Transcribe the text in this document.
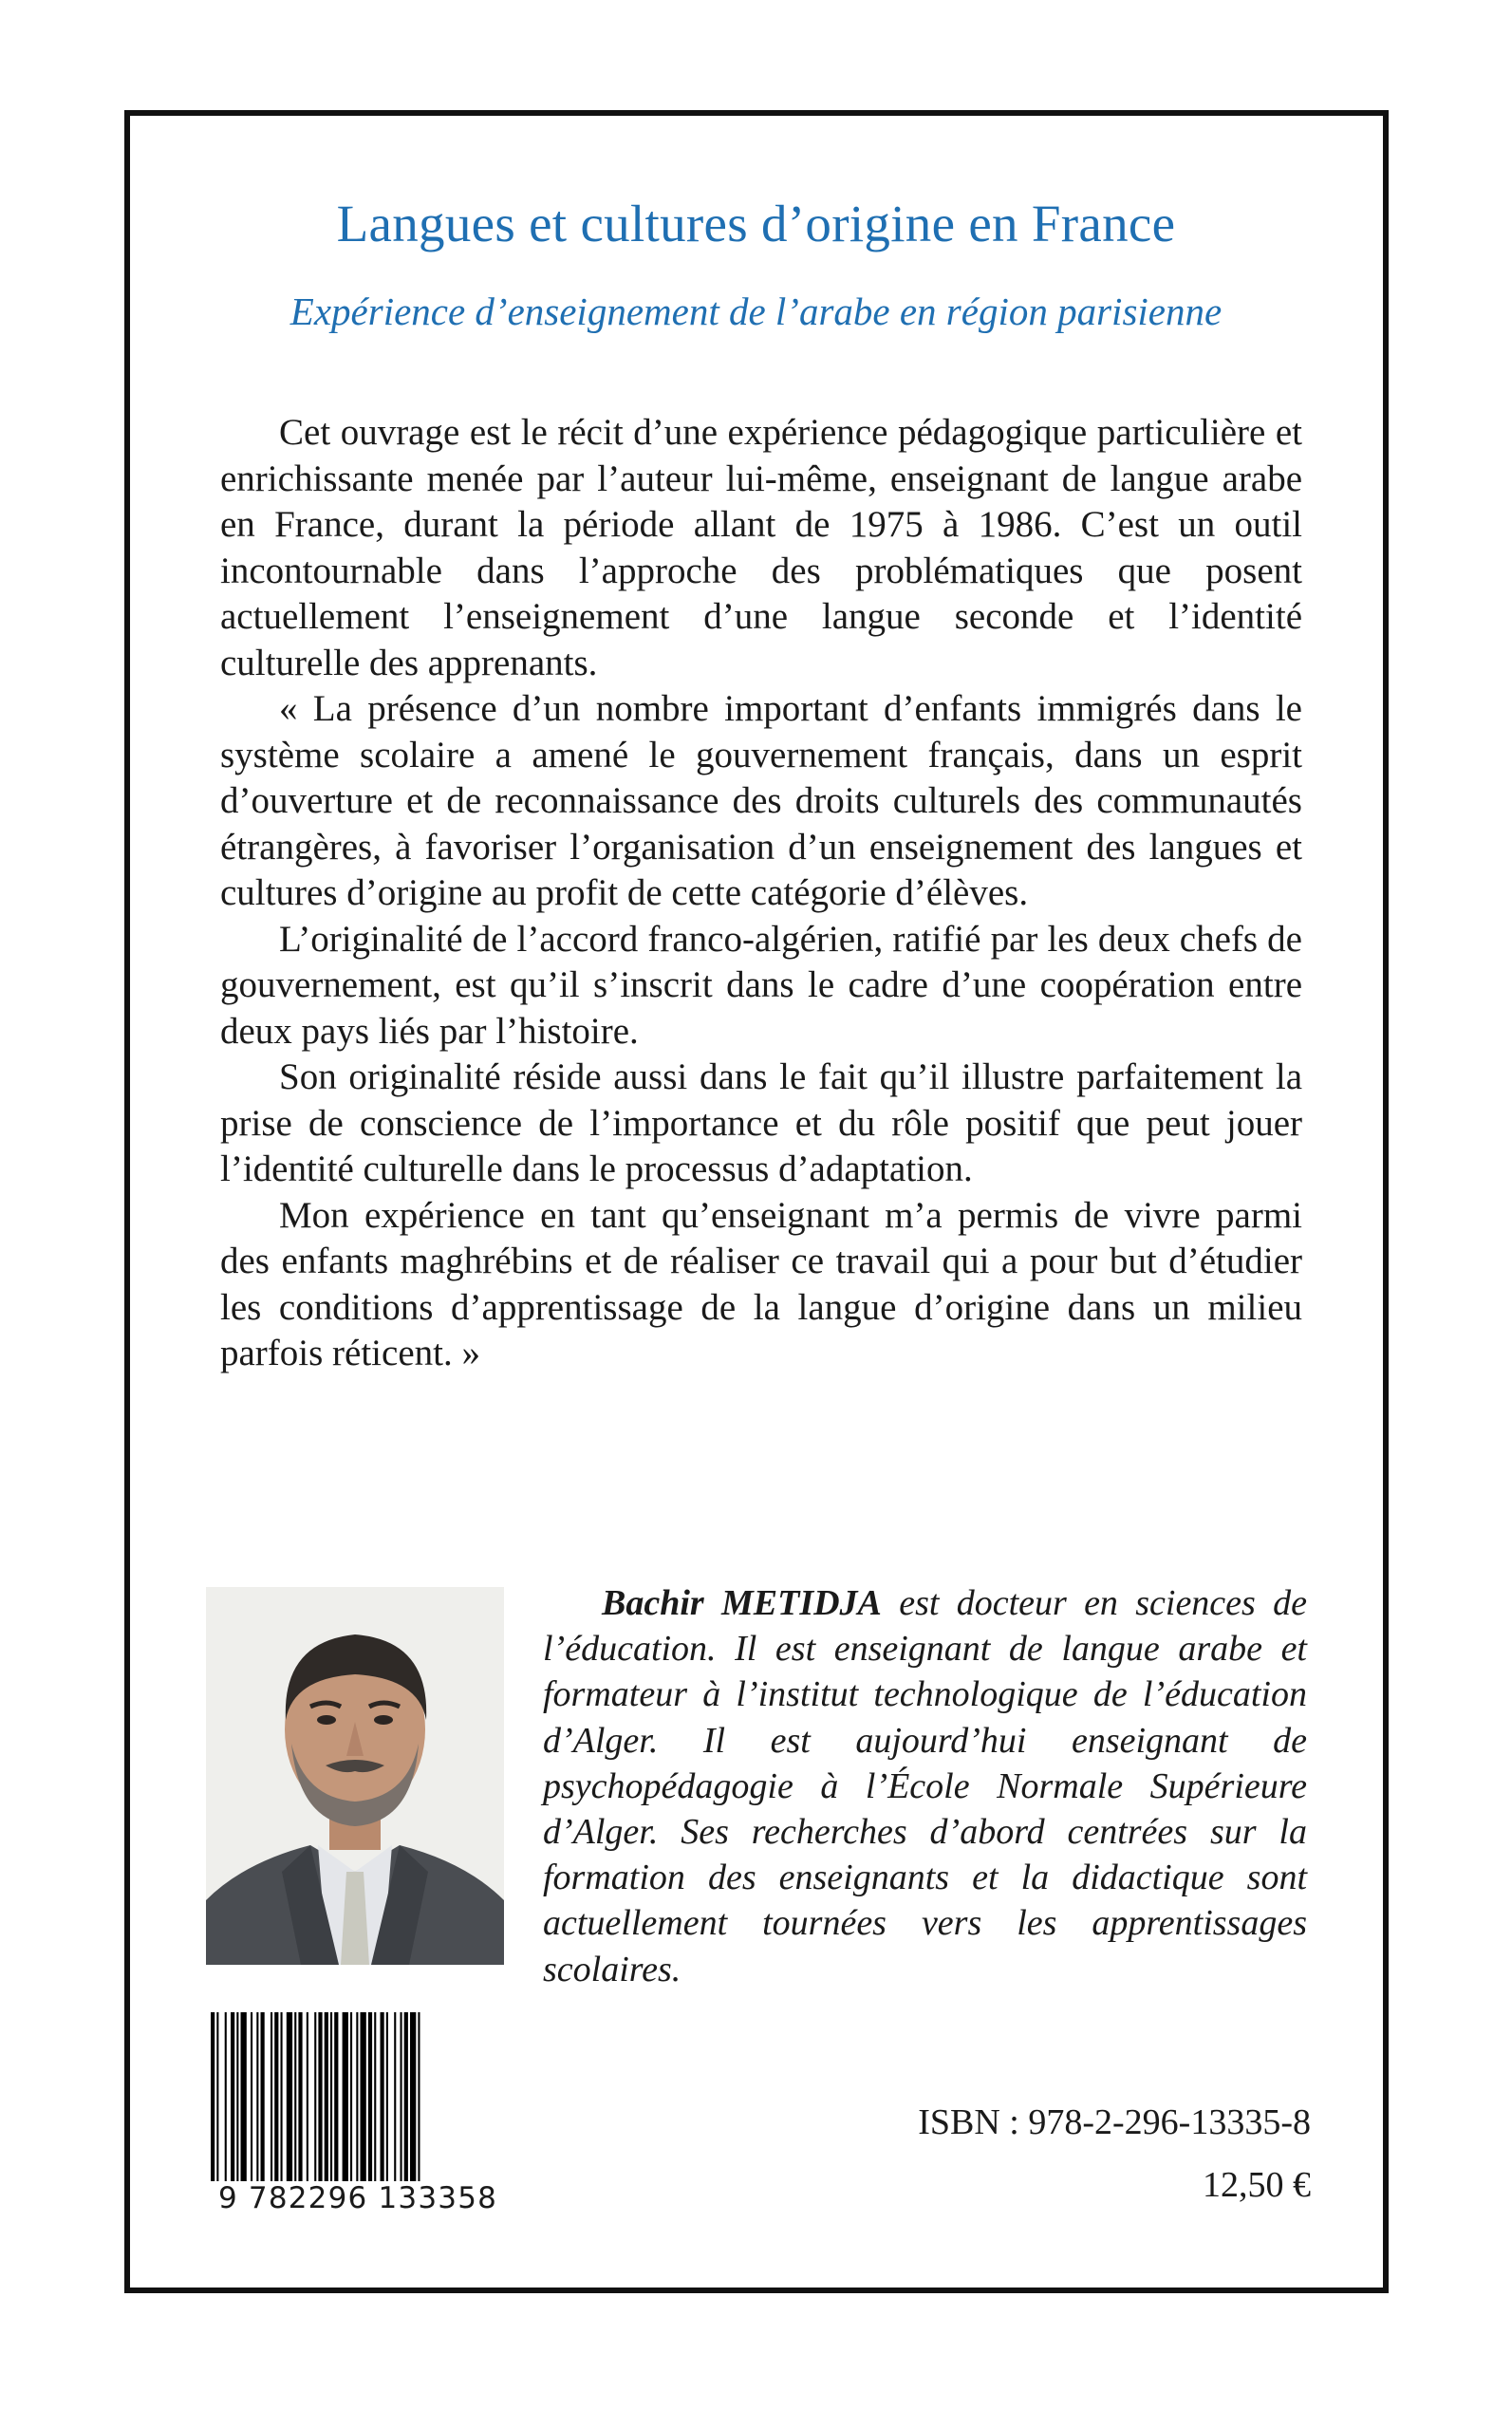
Langues et cultures d’origine en France
Expérience d’enseignement de l’arabe en région parisienne

Cet ouvrage est le récit d’une expérience pédagogique particulière et enrichissante menée par l’auteur lui-même, enseignant de langue arabe en France, durant la période allant de 1975 à 1986. C’est un outil incontournable dans l’approche des problématiques que posent actuellement l’enseignement d’une langue seconde et l’identité culturelle des apprenants.

« La présence d’un nombre important d’enfants immigrés dans le système scolaire a amené le gouvernement français, dans un esprit d’ouverture et de reconnaissance des droits culturels des communautés étrangères, à favoriser l’organisation d’un enseignement des langues et cultures d’origine au profit de cette catégorie d’élèves.

L’originalité de l’accord franco-algérien, ratifié par les deux chefs de gouvernement, est qu’il s’inscrit dans le cadre d’une coopération entre deux pays liés par l’histoire.

Son originalité réside aussi dans le fait qu’il illustre parfaitement la prise de conscience de l’importance et du rôle positif que peut jouer l’identité culturelle dans le processus d’adaptation.

Mon expérience en tant qu’enseignant m’a permis de vivre parmi des enfants maghrébins et de réaliser ce travail qui a pour but d’étudier les conditions d’apprentissage de la langue d’origine dans un milieu parfois réticent. »

Bachir METIDJA est docteur en sciences de l’éducation. Il est enseignant de langue arabe et formateur à l’institut technologique de l’éducation d’Alger. Il est aujourd’hui enseignant de psychopédagogie à l’École Normale Supérieure d’Alger. Ses recherches d’abord centrées sur la formation des enseignants et la didactique sont actuellement tournées vers les apprentissages scolaires.

9 782296 133358
ISBN : 978-2-296-13335-8
12,50 €
